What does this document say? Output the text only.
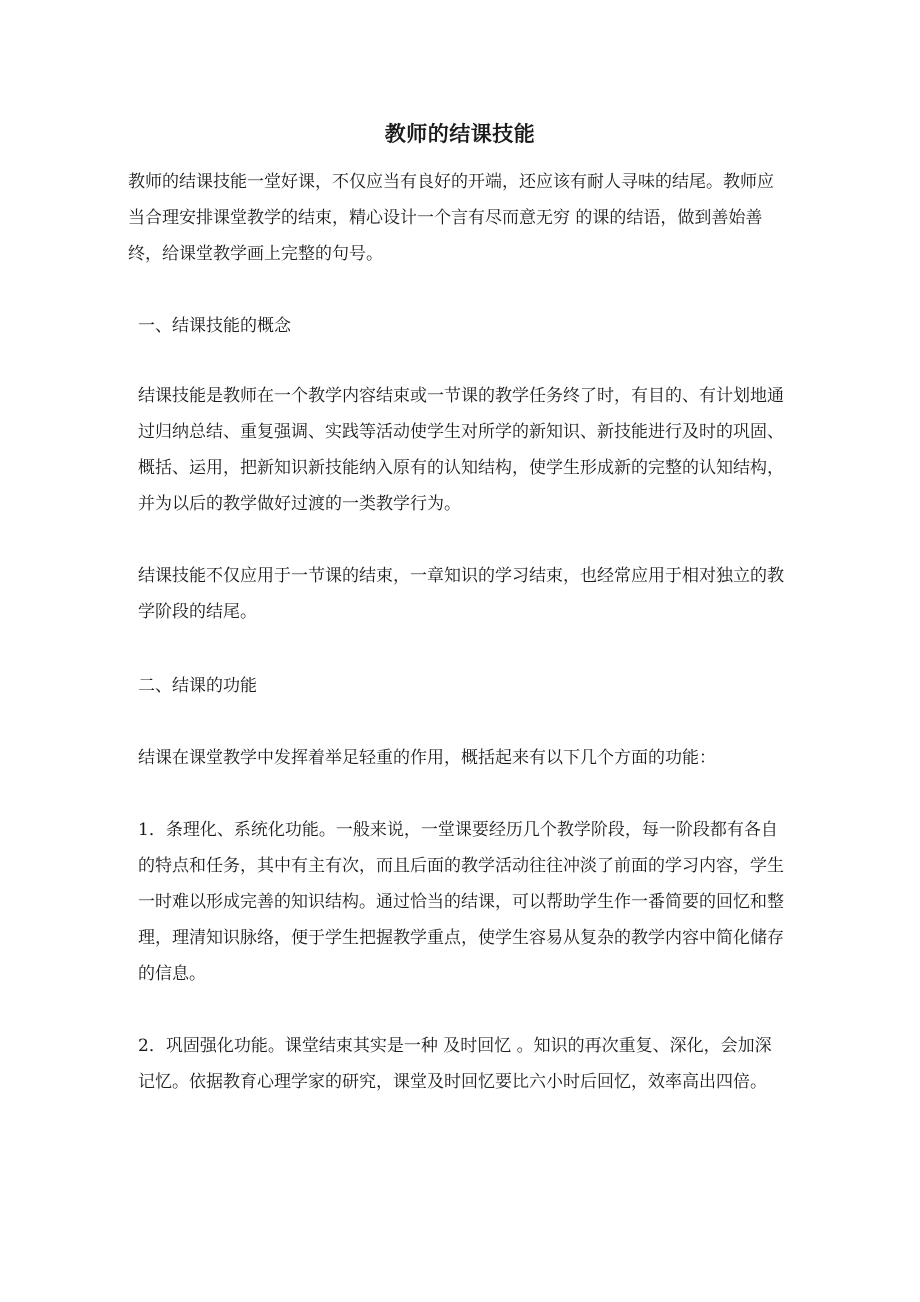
教师的结课技能

教师的结课技能一堂好课，不仅应当有良好的开端，还应该有耐人寻味的结尾。教师应当合理安排课堂教学的结束，精心设计一个言有尽而意无穷 的课的结语，做到善始善终，给课堂教学画上完整的句号。

一、结课技能的概念

结课技能是教师在一个教学内容结束或一节课的教学任务终了时，有目的、有计划地通过归纳总结、重复强调、实践等活动使学生对所学的新知识、新技能进行及时的巩固、概括、运用，把新知识新技能纳入原有的认知结构，使学生形成新的完整的认知结构，并为以后的教学做好过渡的一类教学行为。

结课技能不仅应用于一节课的结束，一章知识的学习结束，也经常应用于相对独立的教学阶段的结尾。

二、结课的功能

结课在课堂教学中发挥着举足轻重的作用，概括起来有以下几个方面的功能：

1．条理化、系统化功能。一般来说，一堂课要经历几个教学阶段，每一阶段都有各自的特点和任务，其中有主有次，而且后面的教学活动往往冲淡了前面的学习内容，学生一时难以形成完善的知识结构。通过恰当的结课，可以帮助学生作一番简要的回忆和整理，理清知识脉络，便于学生把握教学重点，使学生容易从复杂的教学内容中简化储存的信息。

2．巩固强化功能。课堂结束其实是一种 及时回忆 。知识的再次重复、深化，会加深记忆。依据教育心理学家的研究，课堂及时回忆要比六小时后回忆，效率高出四倍。
